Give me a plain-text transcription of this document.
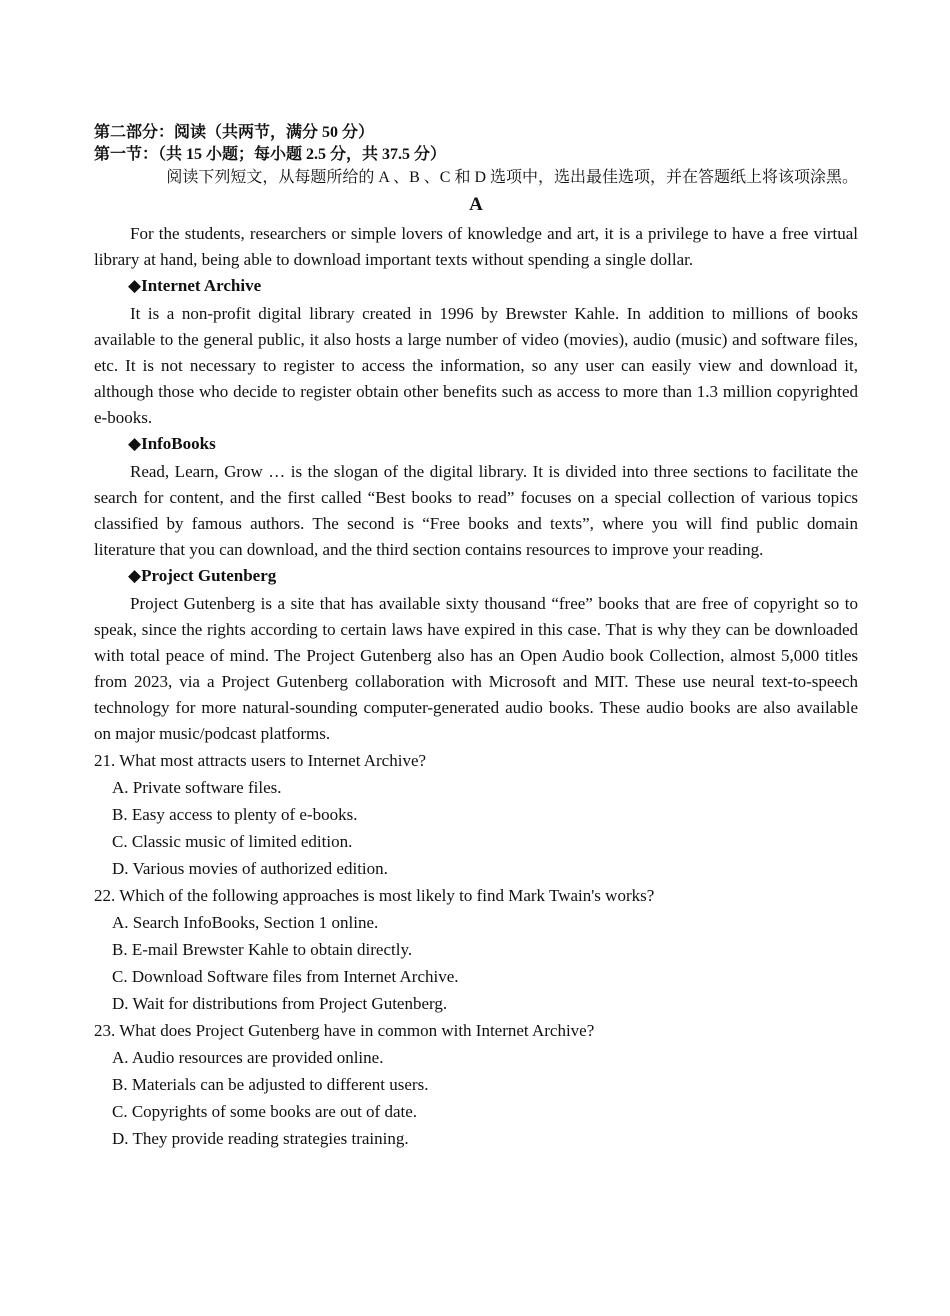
第二部分：阅读（共两节，满分 50 分）

第一节：（共 15 小题；每小题 2.5 分，共 37.5 分）

阅读下列短文，从每题所给的 A 、B 、C 和 D 选项中，选出最佳选项，并在答题纸上将该项涂黑。

A

For the students, researchers or simple lovers of knowledge and art, it is a privilege to have a free virtual library at hand, being able to download important texts without spending a single dollar.

◆Internet Archive

It is a non-profit digital library created in 1996 by Brewster Kahle. In addition to millions of books available to the general public, it also hosts a large number of video (movies), audio (music) and software files, etc. It is not necessary to register to access the information, so any user can easily view and download it, although those who decide to register obtain other benefits such as access to more than 1.3 million copyrighted e-books.

◆InfoBooks

Read, Learn, Grow … is the slogan of the digital library. It is divided into three sections to facilitate the search for content, and the first called “Best books to read” focuses on a special collection of various topics classified by famous authors. The second is “Free books and texts”, where you will find public domain literature that you can download, and the third section contains resources to improve your reading.

◆Project Gutenberg

Project Gutenberg is a site that has available sixty thousand “free” books that are free of copyright so to speak, since the rights according to certain laws have expired in this case. That is why they can be downloaded with total peace of mind. The Project Gutenberg also has an Open Audio book Collection, almost 5,000 titles from 2023, via a Project Gutenberg collaboration with Microsoft and MIT. These use neural text-to-speech technology for more natural-sounding computer-generated audio books. These audio books are also available on major music/podcast platforms.

21. What most attracts users to Internet Archive?

A. Private software files.

B. Easy access to plenty of e-books.

C. Classic music of limited edition.

D. Various movies of authorized edition.

22. Which of the following approaches is most likely to find Mark Twain's works?

A. Search InfoBooks, Section 1 online.

B. E-mail Brewster Kahle to obtain directly.

C. Download Software files from Internet Archive.

D. Wait for distributions from Project Gutenberg.

23. What does Project Gutenberg have in common with Internet Archive?

A. Audio resources are provided online.

B. Materials can be adjusted to different users.

C. Copyrights of some books are out of date.

D. They provide reading strategies training.
